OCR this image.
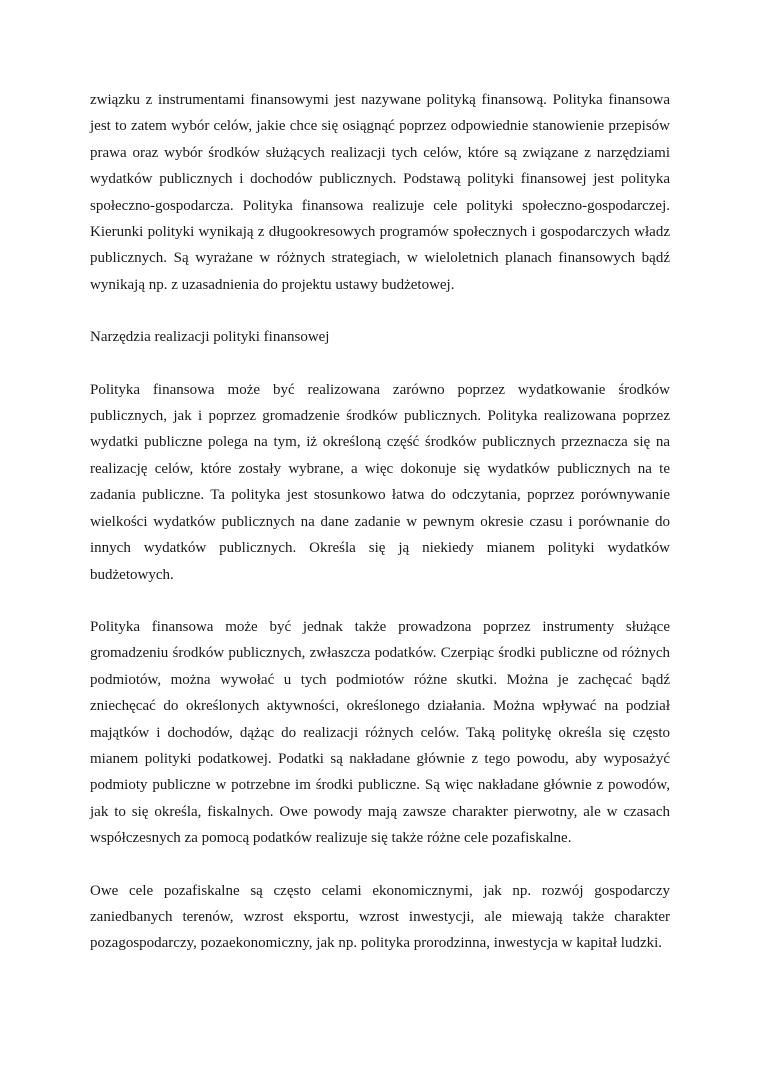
związku z instrumentami finansowymi jest nazywane polityką finansową. Polityka finansowa jest to zatem wybór celów, jakie chce się osiągnąć poprzez odpowiednie stanowienie przepisów prawa oraz wybór środków służących realizacji tych celów, które są związane z narzędziami wydatków publicznych i dochodów publicznych. Podstawą polityki finansowej jest polityka społeczno-gospodarcza. Polityka finansowa realizuje cele polityki społeczno-gospodarczej. Kierunki polityki wynikają z długookresowych programów społecznych i gospodarczych władz publicznych. Są wyrażane w różnych strategiach, w wieloletnich planach finansowych bądź wynikają np. z uzasadnienia do projektu ustawy budżetowej.

Narzędzia realizacji polityki finansowej

Polityka finansowa może być realizowana zarówno poprzez wydatkowanie środków publicznych, jak i poprzez gromadzenie środków publicznych. Polityka realizowana poprzez wydatki publiczne polega na tym, iż określoną część środków publicznych przeznacza się na realizację celów, które zostały wybrane, a więc dokonuje się wydatków publicznych na te zadania publiczne. Ta polityka jest stosunkowo łatwa do odczytania, poprzez porównywanie wielkości wydatków publicznych na dane zadanie w pewnym okresie czasu i porównanie do innych wydatków publicznych. Określa się ją niekiedy mianem polityki wydatków budżetowych.

Polityka finansowa może być jednak także prowadzona poprzez instrumenty służące gromadzeniu środków publicznych, zwłaszcza podatków. Czerpiąc środki publiczne od różnych podmiotów, można wywołać u tych podmiotów różne skutki. Można je zachęcać bądź zniechęcać do określonych aktywności, określonego działania. Można wpływać na podział majątków i dochodów, dążąc do realizacji różnych celów. Taką politykę określa się często mianem polityki podatkowej. Podatki są nakładane głównie z tego powodu, aby wyposażyć podmioty publiczne w potrzebne im środki publiczne. Są więc nakładane głównie z powodów, jak to się określa, fiskalnych. Owe powody mają zawsze charakter pierwotny, ale w czasach współczesnych za pomocą podatków realizuje się także różne cele pozafiskalne.

Owe cele pozafiskalne są często celami ekonomicznymi, jak np. rozwój gospodarczy zaniedbanych terenów, wzrost eksportu, wzrost inwestycji, ale miewają także charakter pozagospodarczy, pozaekonomiczny, jak np. polityka prorodzinna, inwestycja w kapitał ludzki.
